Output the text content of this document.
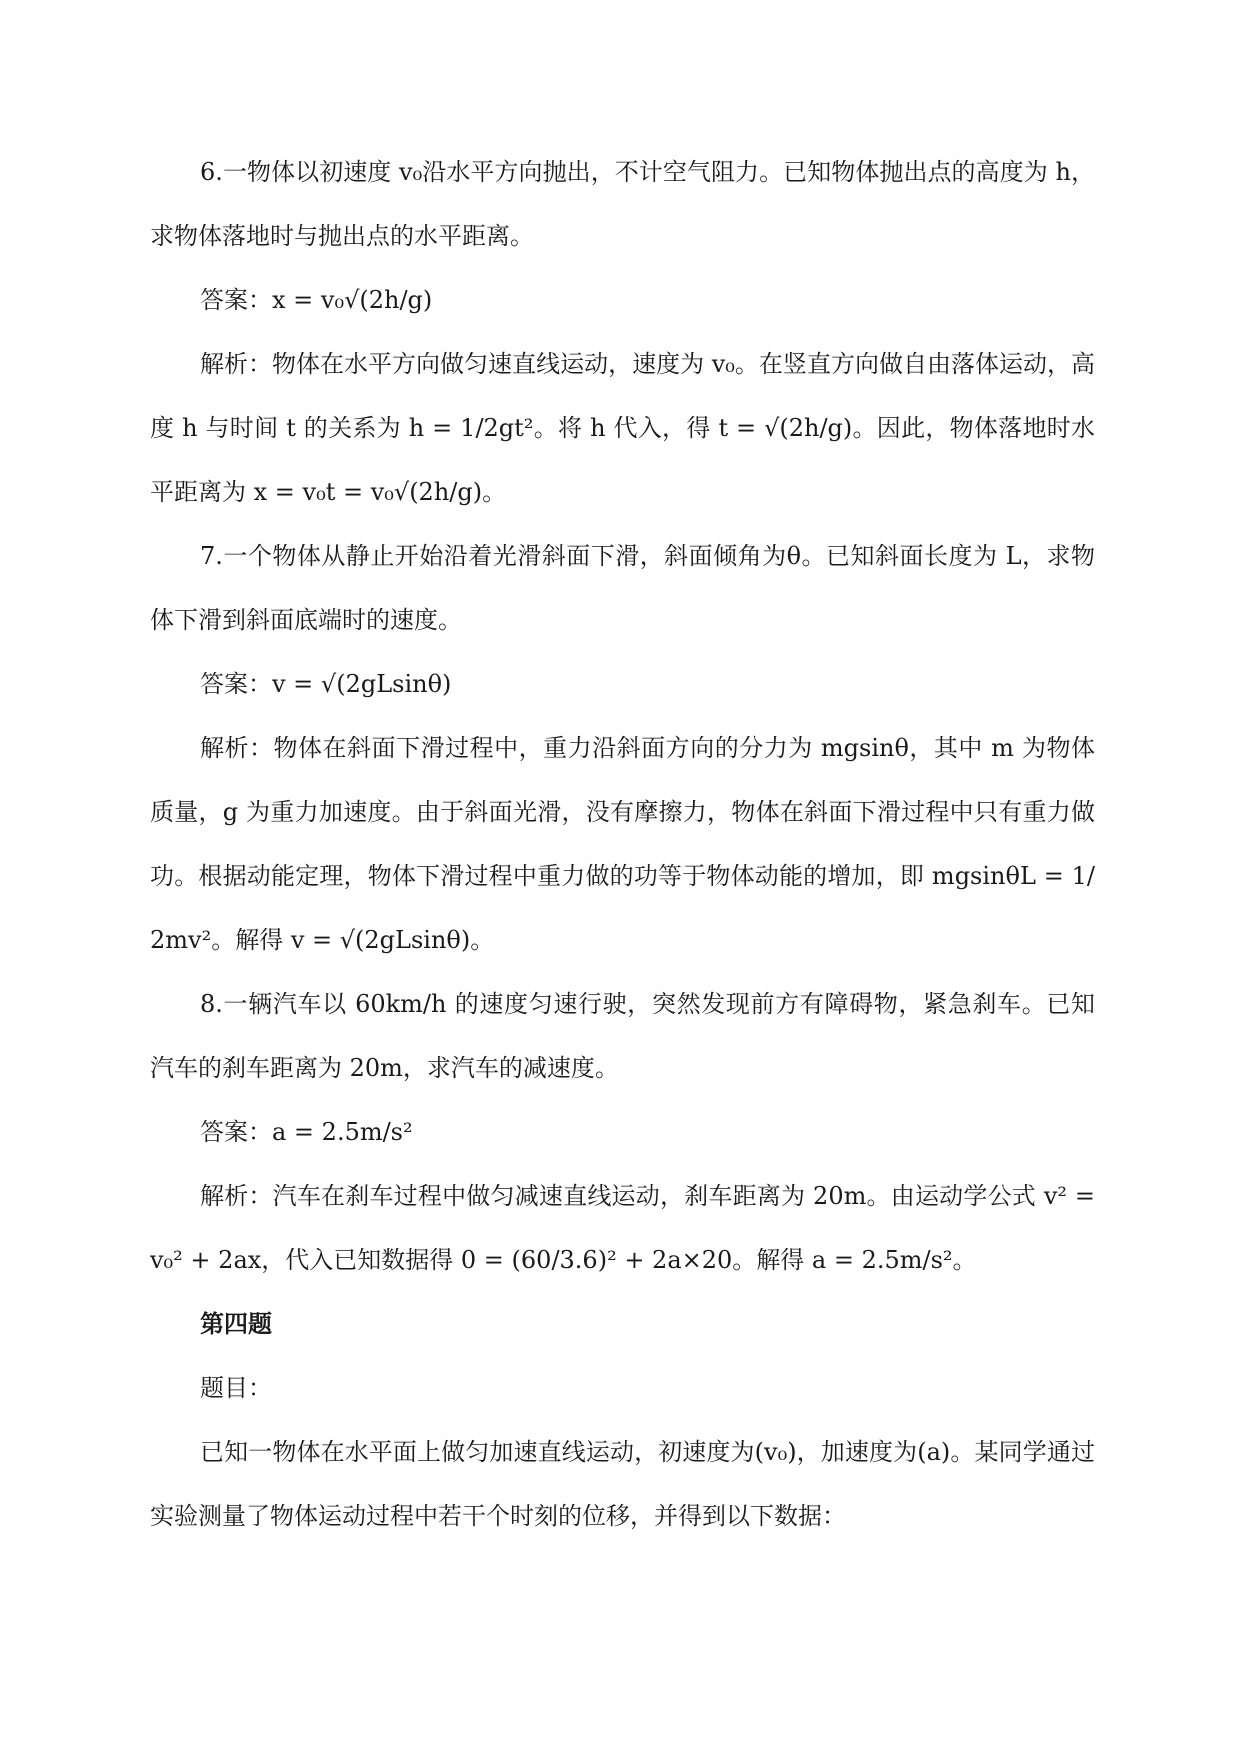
6.一物体以初速度 v₀沿水平方向抛出，不计空气阻力。已知物体抛出点的高度为 h，求物体落地时与抛出点的水平距离。

答案：x = v₀√(2h/g)

解析：物体在水平方向做匀速直线运动，速度为 v₀。在竖直方向做自由落体运动，高度 h 与时间 t 的关系为 h = 1/2gt²。将 h 代入，得 t = √(2h/g)。因此，物体落地时水平距离为 x = v₀t = v₀√(2h/g)。

7.一个物体从静止开始沿着光滑斜面下滑，斜面倾角为θ。已知斜面长度为 L，求物体下滑到斜面底端时的速度。

答案：v = √(2gLsinθ)

解析：物体在斜面下滑过程中，重力沿斜面方向的分力为 mgsinθ，其中 m 为物体质量，g 为重力加速度。由于斜面光滑，没有摩擦力，物体在斜面下滑过程中只有重力做功。根据动能定理，物体下滑过程中重力做的功等于物体动能的增加，即 mgsinθL = 1/2mv²。解得 v = √(2gLsinθ)。

8.一辆汽车以 60km/h 的速度匀速行驶，突然发现前方有障碍物，紧急刹车。已知汽车的刹车距离为 20m，求汽车的减速度。

答案：a = 2.5m/s²

解析：汽车在刹车过程中做匀减速直线运动，刹车距离为 20m。由运动学公式 v² = v₀² + 2ax，代入已知数据得 0 = (60/3.6)² + 2a×20。解得 a = 2.5m/s²。

第四题

题目：

已知一物体在水平面上做匀加速直线运动，初速度为(v₀)，加速度为(a)。某同学通过实验测量了物体运动过程中若干个时刻的位移，并得到以下数据：
